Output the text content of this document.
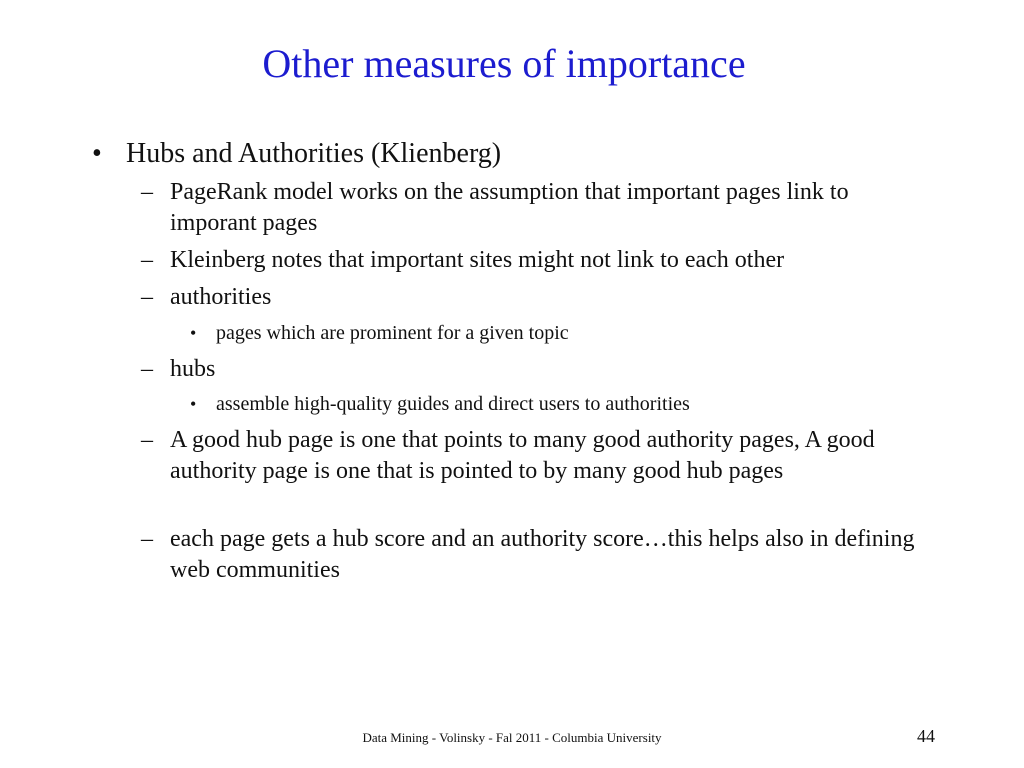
Other measures of importance
• Hubs and Authorities (Klienberg)
– PageRank model works on the assumption that important pages link to imporant pages
– Kleinberg notes that important sites might not link to each other
– authorities
• pages which are prominent for a given topic
– hubs
• assemble high-quality guides and direct users to authorities
– A good hub page is one that points to many good authority pages, A good authority page is one that is pointed to by many good hub pages
– each page gets a hub score and an authority score…this helps also in defining web communities
Data Mining - Volinsky - Fal 2011 - Columbia University	44
